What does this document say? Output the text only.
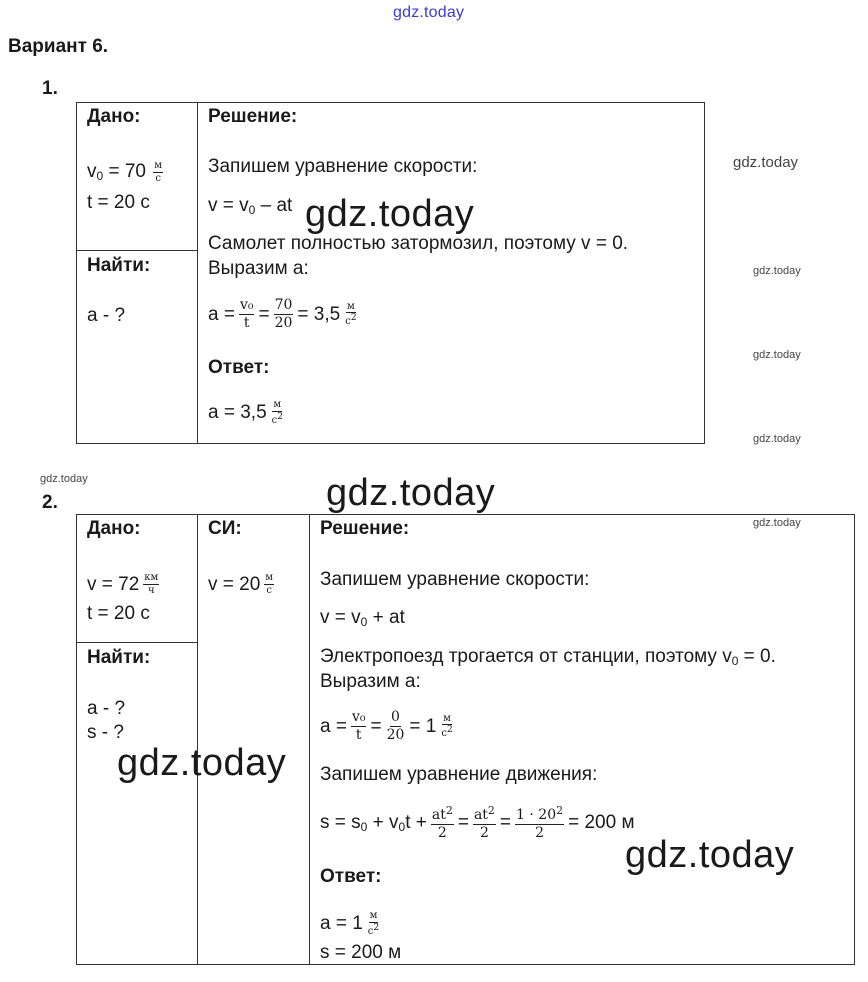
gdz.today
gdz.today
gdz.today
gdz.today
gdz.today
gdz.today
gdz.today
Вариант 6.
1.
Дано:
$v_0 = 70 \frac{м}{с}$
t = 20 с
Найти:
a - ?
Решение:
Запишем уравнение скорости:
$v = v_0$ – at
Самолет полностью затормозил, поэтому v = 0.
Выразим а:
$a = \frac{\text{v₀}}{t} = \frac{70}{20} = 3,5 \frac{м}{с^2}$
Ответ:
$a = 3,5 \frac{м}{с^2}$
2.
Дано:
$v = 72 \frac{км}{ч}$
t = 20 с
СИ:
$v = 20 \frac{м}{с}$
Найти:
a - ?
s - ?
Решение:
Запишем уравнение скорости:
$v = v_0$ + at
Электропоезд трогается от станции, поэтому $v_0 = 0$.
Выразим а:
$a = \frac{\text{v₀}}{t} = \frac{0}{20} = 1 \frac{м}{с^2}$
Запишем уравнение движения:
$s = s_0 + v_0t + \frac{at^2}{2} = \frac{at^2}{2} = \frac{1 \cdot 20^2}{2} = 200$ м
Ответ:
$a = 1 \frac{м}{с^2}$
s = 200 м
gdz.today
gdz.today
gdz.today
gdz.today
